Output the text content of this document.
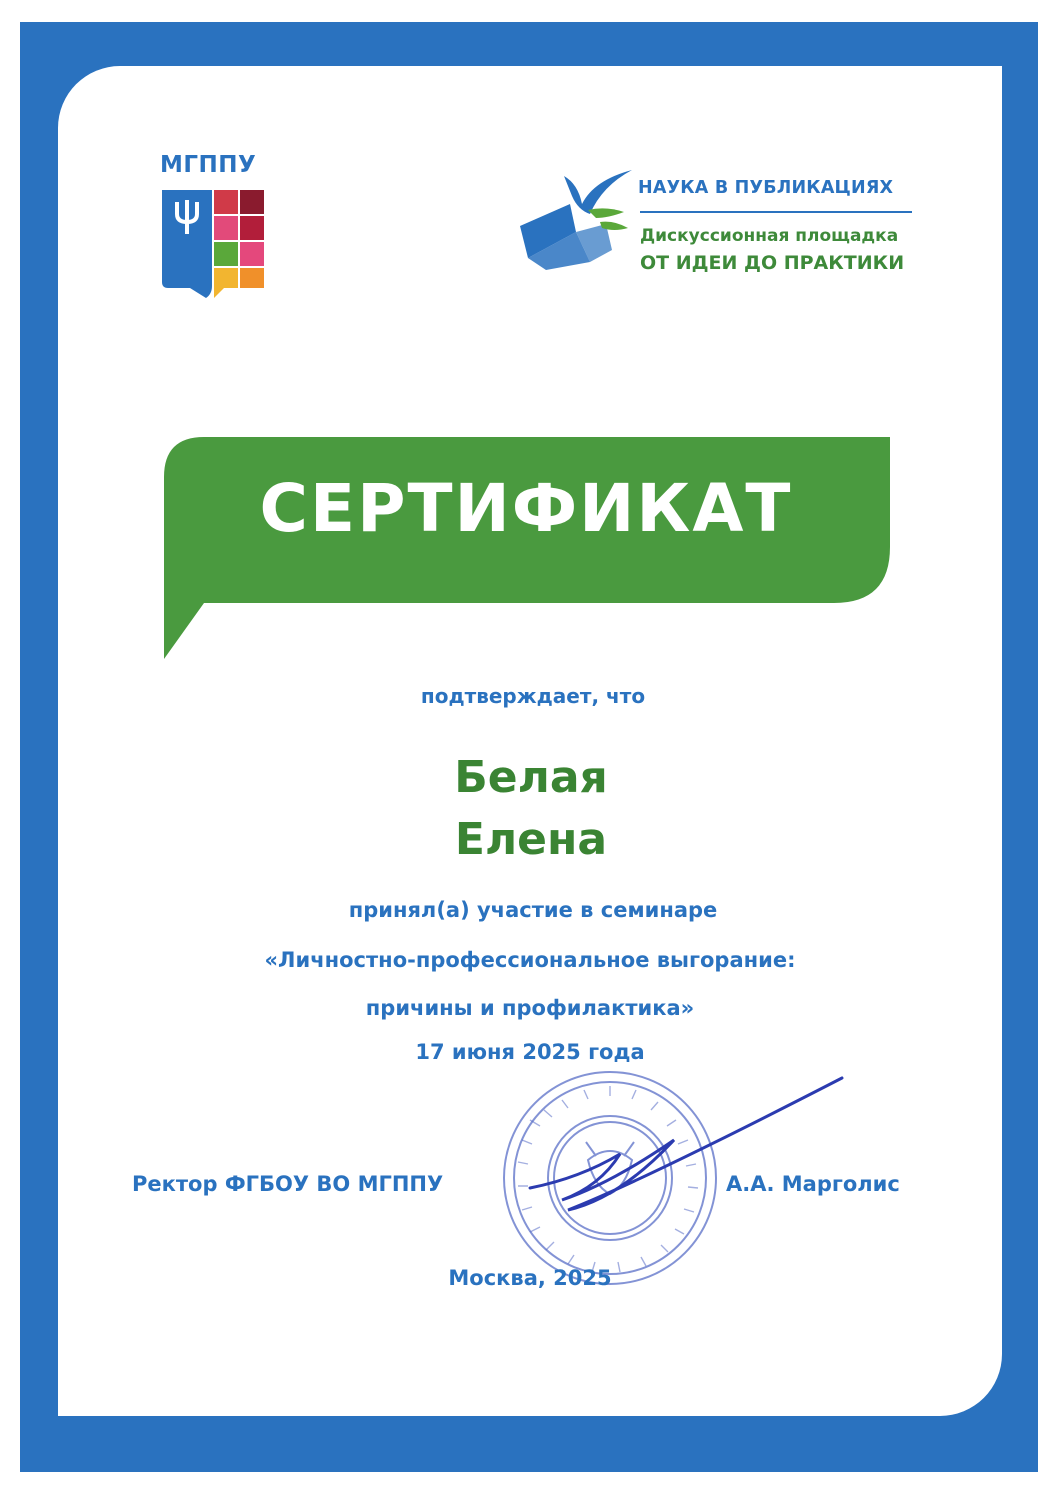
МГППУ
НАУКА В ПУБЛИКАЦИЯХ
Дискуссионная площадка
ОТ ИДЕИ ДО ПРАКТИКИ
СЕРТИФИКАТ
подтверждает, что
Белая
Елена
принял(а) участие в семинаре
«Личностно-профессиональное выгорание:
причины и профилактика»
17 июня 2025 года
Ректор ФГБОУ ВО МГППУ	А.А. Марголис
Москва, 2025
